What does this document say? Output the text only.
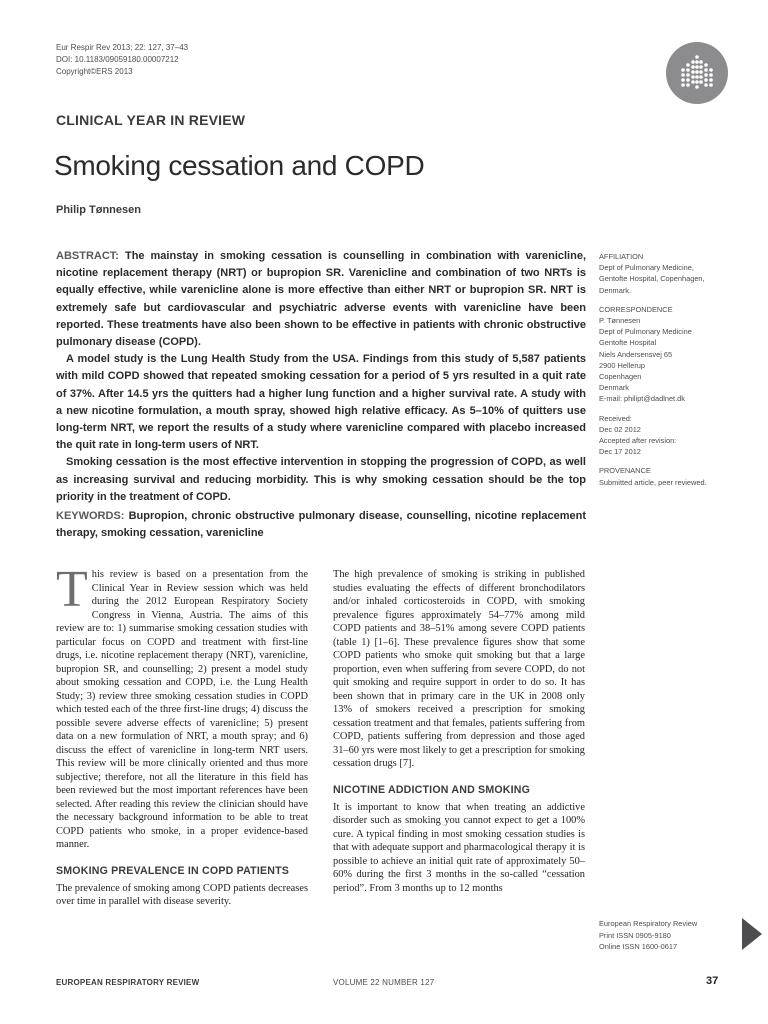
Eur Respir Rev 2013; 22: 127, 37–43
DOI: 10.1183/09059180.00007212
Copyright©ERS 2013
CLINICAL YEAR IN REVIEW
Smoking cessation and COPD
Philip Tønnesen

ABSTRACT: The mainstay in smoking cessation is counselling in combination with varenicline, nicotine replacement therapy (NRT) or bupropion SR. Varenicline and combination of two NRTs is equally effective, while varenicline alone is more effective than either NRT or bupropion SR. NRT is extremely safe but cardiovascular and psychiatric adverse events with varenicline have been reported. These treatments have also been shown to be effective in patients with chronic obstructive pulmonary disease (COPD).

A model study is the Lung Health Study from the USA. Findings from this study of 5,587 patients with mild COPD showed that repeated smoking cessation for a period of 5 yrs resulted in a quit rate of 37%. After 14.5 yrs the quitters had a higher lung function and a higher survival rate. A study with a new nicotine formulation, a mouth spray, showed high relative efficacy. As 5–10% of quitters use long-term NRT, we report the results of a study where varenicline compared with placebo increased the quit rate in long-term users of NRT.

Smoking cessation is the most effective intervention in stopping the progression of COPD, as well as increasing survival and reducing morbidity. This is why smoking cessation should be the top priority in the treatment of COPD.

KEYWORDS: Bupropion, chronic obstructive pulmonary disease, counselling, nicotine replacement therapy, smoking cessation, varenicline
AFFILIATION
Dept of Pulmonary Medicine,
Gentofte Hospital, Copenhagen,
Denmark.
CORRESPONDENCE
P. Tønnesen
Dept of Pulmonary Medicine
Gentofte Hospital
Niels Andersensvej 65
2900 Hellerup
Copenhagen
Denmark
E-mail: philipt@dadlnet.dk
Received:
Dec 02 2012
Accepted after revision:
Dec 17 2012
PROVENANCE
Submitted article, peer reviewed.
European Respiratory Review
Print ISSN 0905-9180
Online ISSN 1600-0617

This review is based on a presentation from the Clinical Year in Review session which was held during the 2012 European Respiratory Society Congress in Vienna, Austria. The aims of this review are to: 1) summarise smoking cessation studies with particular focus on COPD and treatment with first-line drugs, i.e. nicotine replacement therapy (NRT), varenicline, bupropion SR, and counselling; 2) present a model study about smoking cessation and COPD, i.e. the Lung Health Study; 3) review three smoking cessation studies in COPD which tested each of the three first-line drugs; 4) discuss the possible severe adverse effects of varenicline; 5) present data on a new formulation of NRT, a mouth spray; and 6) discuss the effect of varenicline in long-term NRT users. This review will be more clinically oriented and thus more subjective; therefore, not all the literature in this field has been reviewed but the most important references have been selected. After reading this review the clinician should have the necessary background information to be able to treat COPD patients who smoke, in a proper evidence-based manner.

SMOKING PREVALENCE IN COPD PATIENTS

The prevalence of smoking among COPD patients decreases over time in parallel with disease severity.

The high prevalence of smoking is striking in published studies evaluating the effects of different bronchodilators and/or inhaled corticosteroids in COPD, with smoking prevalence figures approximately 54–77% among mild COPD patients and 38–51% among severe COPD patients (table 1) [1–6]. These prevalence figures show that some COPD patients who smoke quit smoking but that a large proportion, even when suffering from severe COPD, do not quit smoking and require support in order to do so. It has been shown that in primary care in the UK in 2008 only 13% of smokers received a prescription for smoking cessation treatment and that females, patients suffering from COPD, patients suffering from depression and those aged 31–60 yrs were most likely to get a prescription for smoking cessation drugs [7].

NICOTINE ADDICTION AND SMOKING

It is important to know that when treating an addictive disorder such as smoking you cannot expect to get a 100% cure. A typical finding in most smoking cessation studies is that with adequate support and pharmacological therapy it is possible to achieve an initial quit rate of approximately 50–60% during the first 3 months in the so-called “cessation period”. From 3 months up to 12 months

EUROPEAN RESPIRATORY REVIEW	VOLUME 22 NUMBER 127	37
